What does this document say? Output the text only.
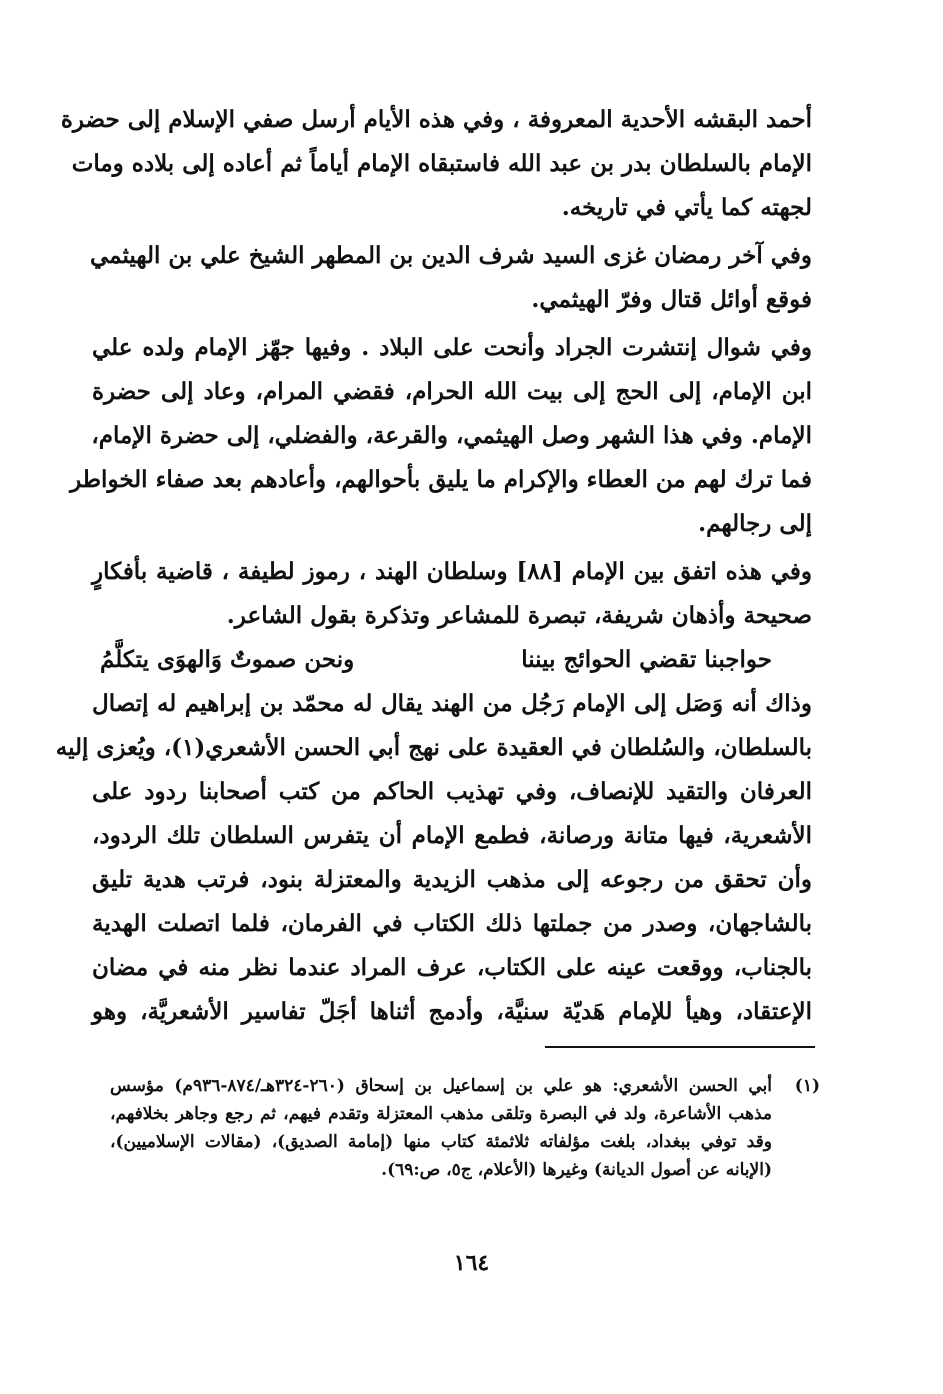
أحمد البقشه الأحدية المعروفة ، وفي هذه الأيام أرسل صفي الإسلام إلى حضرة
الإمام بالسلطان بدر بن عبد الله فاستبقاه الإمام أياماً ثم أعاده إلى بلاده ومات
لجهته كما يأتي في تاريخه.
وفي آخر رمضان غزى السيد شرف الدين بن المطهر الشيخ علي بن الهيثمي
فوقع أوائل قتال وفرّ الهيثمي.
وفي شوال إنتشرت الجراد وأنحت على البلاد . وفيها جهّز الإمام ولده علي
ابن الإمام، إلى الحج إلى بيت الله الحرام، فقضي المرام، وعاد إلى حضرة
الإمام. وفي هذا الشهر وصل الهيثمي، والقرعة، والفضلي، إلى حضرة الإمام،
فما ترك لهم من العطاء والإكرام ما يليق بأحوالهم، وأعادهم بعد صفاء الخواطر
إلى رجالهم.
وفي هذه اتفق بين الإمام [٨٨] وسلطان الهند ، رموز لطيفة ، قاضية بأفكارٍ
صحيحة وأذهان شريفة، تبصرة للمشاعر وتذكرة بقول الشاعر.
حواجبنا تقضي الحوائج بيننا
ونحن صموتٌ وَالهوَى يتكلَّمُ
وذاك أنه وَصَل إلى الإمام رَجُل من الهند يقال له محمّد بن إبراهيم له إتصال
بالسلطان، والسُلطان في العقيدة على نهج أبي الحسن الأشعري(١)، ويُعزى إليه
العرفان والتقيد للإنصاف، وفي تهذيب الحاكم من كتب أصحابنا ردود على
الأشعرية، فيها متانة ورصانة، فطمع الإمام أن يتفرس السلطان تلك الردود،
وأن تحقق من رجوعه إلى مذهب الزيدية والمعتزلة بنود، فرتب هدية تليق
بالشاجهان، وصدر من جملتها ذلك الكتاب في الفرمان، فلما اتصلت الهدية
بالجناب، ووقعت عينه على الكتاب، عرف المراد عندما نظر منه في مضان
الإعتقاد، وهيأ للإمام هَديّة سنيَّة، وأدمج أثناها أجَلّ تفاسير الأشعريَّة، وهو
(١)
أبي الحسن الأشعري: هو علي بن إسماعيل بن إسحاق (٢٦٠-٣٢٤هـ/٨٧٤-٩٣٦م) مؤسس
مذهب الأشاعرة، ولد في البصرة وتلقى مذهب المعتزلة وتقدم فيهم، ثم رجع وجاهر بخلافهم،
وقد توفي ببغداد، بلغت مؤلفاته ثلاثمئة كتاب منها (إمامة الصديق)، (مقالات الإسلاميين)،
(الإبانه عن أصول الديانة) وغيرها (الأعلام، ج٥، ص:٦٩).
١٦٤
